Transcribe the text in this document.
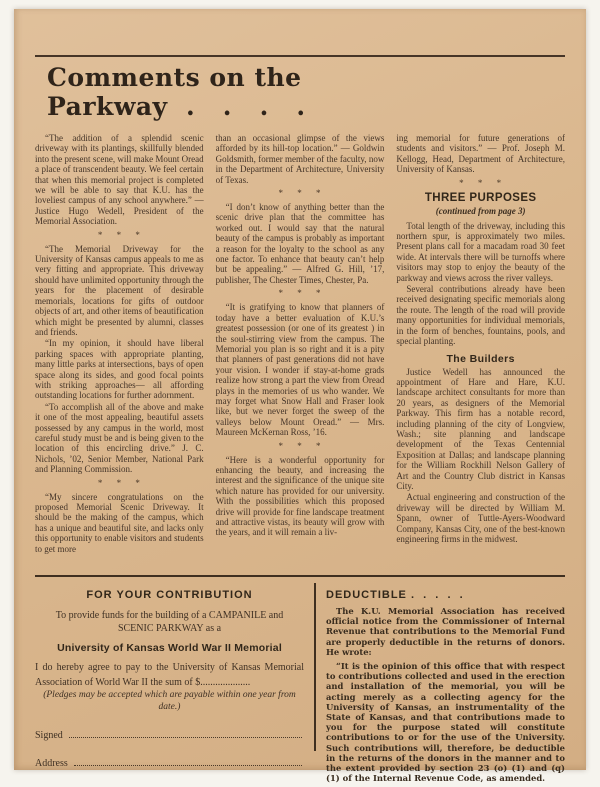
Comments on the Parkway  .   .   .   .

“The addition of a splendid scenic driveway with its plantings, skillfully blended into the present scene, will make Mount Oread a place of transcendent beauty. We feel certain that when this memorial project is completed we will be able to say that K.U. has the loveliest campus of any school anywhere.” — Justice Hugo Wedell, President of the Memorial Association.

* * *

“The Memorial Driveway for the University of Kansas campus appeals to me as very fitting and appropriate. This driveway should have unlimited opportunity through the years for the placement of desirable memorials, locations for gifts of outdoor objects of art, and other items of beautification which might be presented by alumni, classes and friends.

“In my opinion, it should have liberal parking spaces with appropriate planting, many little parks at intersections, bays of open space along its sides, and good focal points with striking approaches— all affording outstanding locations for further adornment.

“To accomplish all of the above and make it one of the most appealing, beautiful assets possessed by any campus in the world, most careful study must be and is being given to the location of this encircling drive.” J. C. Nichols, ’02, Senior Member, National Park and Planning Commission.

* * *

“My sincere congratulations on the proposed Memorial Scenic Driveway. It should be the making of the campus, which has a unique and beautiful site, and lacks only this opportunity to enable visitors and students to get more

than an occasional glimpse of the views afforded by its hill-top location.” — Goldwin Goldsmith, former member of the faculty, now in the Department of Architecture, University of Texas.

* * *

“I don’t know of anything better than the scenic drive plan that the committee has worked out. I would say that the natural beauty of the campus is probably as important a reason for the loyalty to the school as any one factor. To enhance that beauty can’t help but be appealing.” — Alfred G. Hill, ’17, publisher, The Chester Times, Chester, Pa.

* * *

“It is gratifying to know that planners of today have a better evaluation of K.U.’s greatest possession (or one of its greatest ) in the soul-stirring view from the campus. The Memorial you plan is so right and it is a pity that planners of past generations did not have your vision. I wonder if stay-at-home grads realize how strong a part the view from Oread plays in the memories of us who wander. We may forget what Snow Hall and Fraser look like, but we never forget the sweep of the valleys below Mount Oread.” — Mrs. Maureen McKernan Ross, ’16.

* * *

“Here is a wonderful opportunity for enhancing the beauty, and increasing the interest and the significance of the unique site which nature has provided for our university. With the possibilities which this proposed drive will provide for fine landscape treatment and attractive vistas, its beauty will grow with the years, and it will remain a liv-

ing memorial for future generations of students and visitors.” — Prof. Joseph M. Kellogg, Head, Department of Architecture, University of Kansas.

* * *
THREE PURPOSES
(continued from page 3)

Total length of the driveway, including this northern spur, is approximately two miles. Present plans call for a macadam road 30 feet wide. At intervals there will be turnoffs where visitors may stop to enjoy the beauty of the parkway and views across the river valleys.

Several contributions already have been received designating specific memorials along the route. The length of the road will provide many opportunities for individual memorials, in the form of benches, fountains, pools, and special planting.

The Builders

Justice Wedell has announced the appointment of Hare and Hare, K.U. landscape architect consultants for more than 20 years, as designers of the Memorial Parkway. This firm has a notable record, including planning of the city of Longview, Wash.; site planning and landscape development of the Texas Centennial Exposition at Dallas; and landscape planning for the William Rockhill Nelson Gallery of Art and the Country Club district in Kansas City.

Actual engineering and construction of the driveway will be directed by William M. Spann, owner of Tuttle-Ayers-Woodward Company, Kansas City, one of the best-known engineering firms in the midwest.

FOR YOUR CONTRIBUTION
To provide funds for the building of a CAMPANILE and
SCENIC PARKWAY as a
University of Kansas World War II Memorial

I do hereby agree to pay to the University of Kansas Memorial Association of World War II the sum of $....................

(Pledges may be accepted which are payable within one year from date.)
Signed
Address
DEDUCTIBLE .  .  .  .  .

The K.U. Memorial Association has received official notice from the Commissioner of Internal Revenue that contributions to the Memorial Fund are properly deductible in the returns of donors. He wrote:

“It is the opinion of this office that with respect to contributions collected and used in the erection and installation of the memorial, you will be acting merely as a collecting agency for the University of Kansas, an instrumentality of the State of Kansas, and that contributions made to you for the purpose stated will constitute contributions to or for the use of the University. Such contributions will, therefore, be deductible in the returns of the donors in the manner and to the extent provided by section 23 (o) (1) and (q) (1) of the Internal Revenue Code, as amended.
